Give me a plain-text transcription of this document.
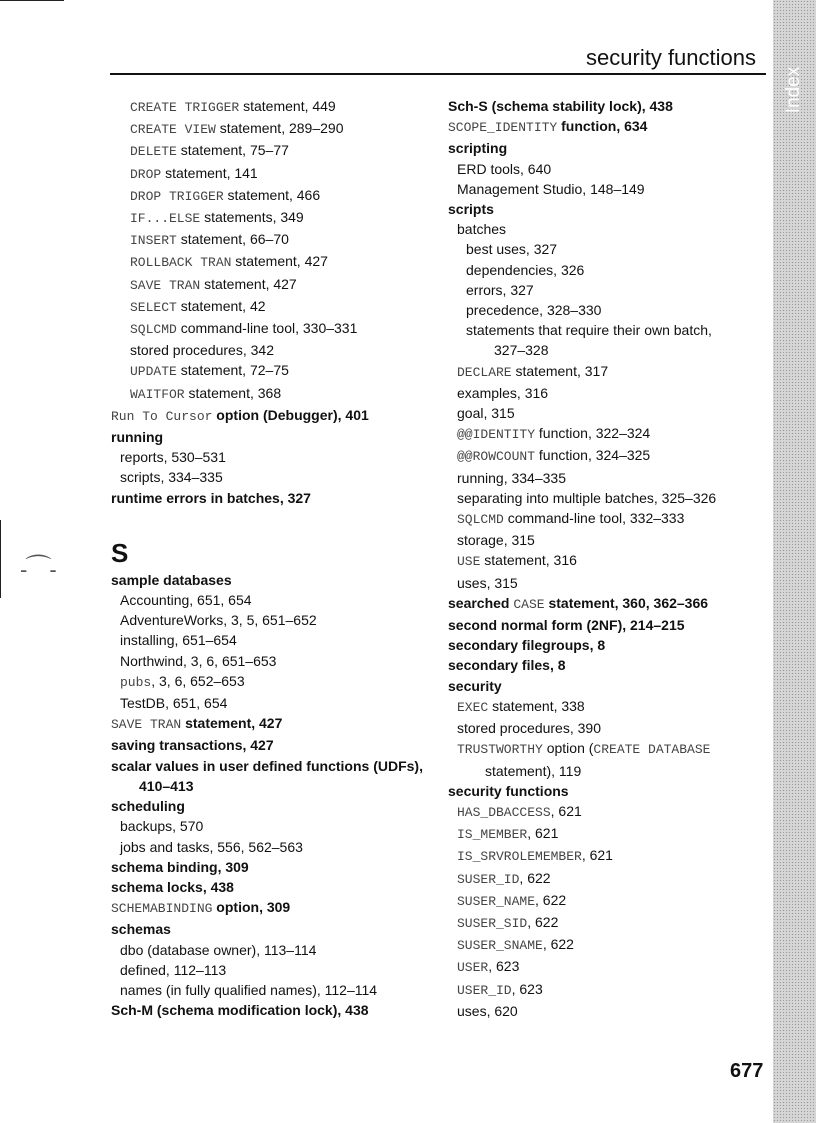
-⌒-
Index
security functions
CREATE TRIGGER statement, 449
CREATE VIEW statement, 289–290
DELETE statement, 75–77
DROP statement, 141
DROP TRIGGER statement, 466
IF...ELSE statements, 349
INSERT statement, 66–70
ROLLBACK TRAN statement, 427
SAVE TRAN statement, 427
SELECT statement, 42
SQLCMD command-line tool, 330–331
stored procedures, 342
UPDATE statement, 72–75
WAITFOR statement, 368
Run To Cursor option (Debugger), 401
running
reports, 530–531
scripts, 334–335
runtime errors in batches, 327
S
sample databases
Accounting, 651, 654
AdventureWorks, 3, 5, 651–652
installing, 651–654
Northwind, 3, 6, 651–653
pubs, 3, 6, 652–653
TestDB, 651, 654
SAVE TRAN statement, 427
saving transactions, 427
scalar values in user defined functions (UDFs),
410–413
scheduling
backups, 570
jobs and tasks, 556, 562–563
schema binding, 309
schema locks, 438
SCHEMABINDING option, 309
schemas
dbo (database owner), 113–114
defined, 112–113
names (in fully qualified names), 112–114
Sch-M (schema modification lock), 438
Sch-S (schema stability lock), 438
SCOPE_IDENTITY function, 634
scripting
ERD tools, 640
Management Studio, 148–149
scripts
batches
best uses, 327
dependencies, 326
errors, 327
precedence, 328–330
statements that require their own batch,
327–328
DECLARE statement, 317
examples, 316
goal, 315
@@IDENTITY function, 322–324
@@ROWCOUNT function, 324–325
running, 334–335
separating into multiple batches, 325–326
SQLCMD command-line tool, 332–333
storage, 315
USE statement, 316
uses, 315
searched CASE statement, 360, 362–366
second normal form (2NF), 214–215
secondary filegroups, 8
secondary files, 8
security
EXEC statement, 338
stored procedures, 390
TRUSTWORTHY option (CREATE DATABASE
statement), 119
security functions
HAS_DBACCESS, 621
IS_MEMBER, 621
IS_SRVROLEMEMBER, 621
SUSER_ID, 622
SUSER_NAME, 622
SUSER_SID, 622
SUSER_SNAME, 622
USER, 623
USER_ID, 623
uses, 620
677
